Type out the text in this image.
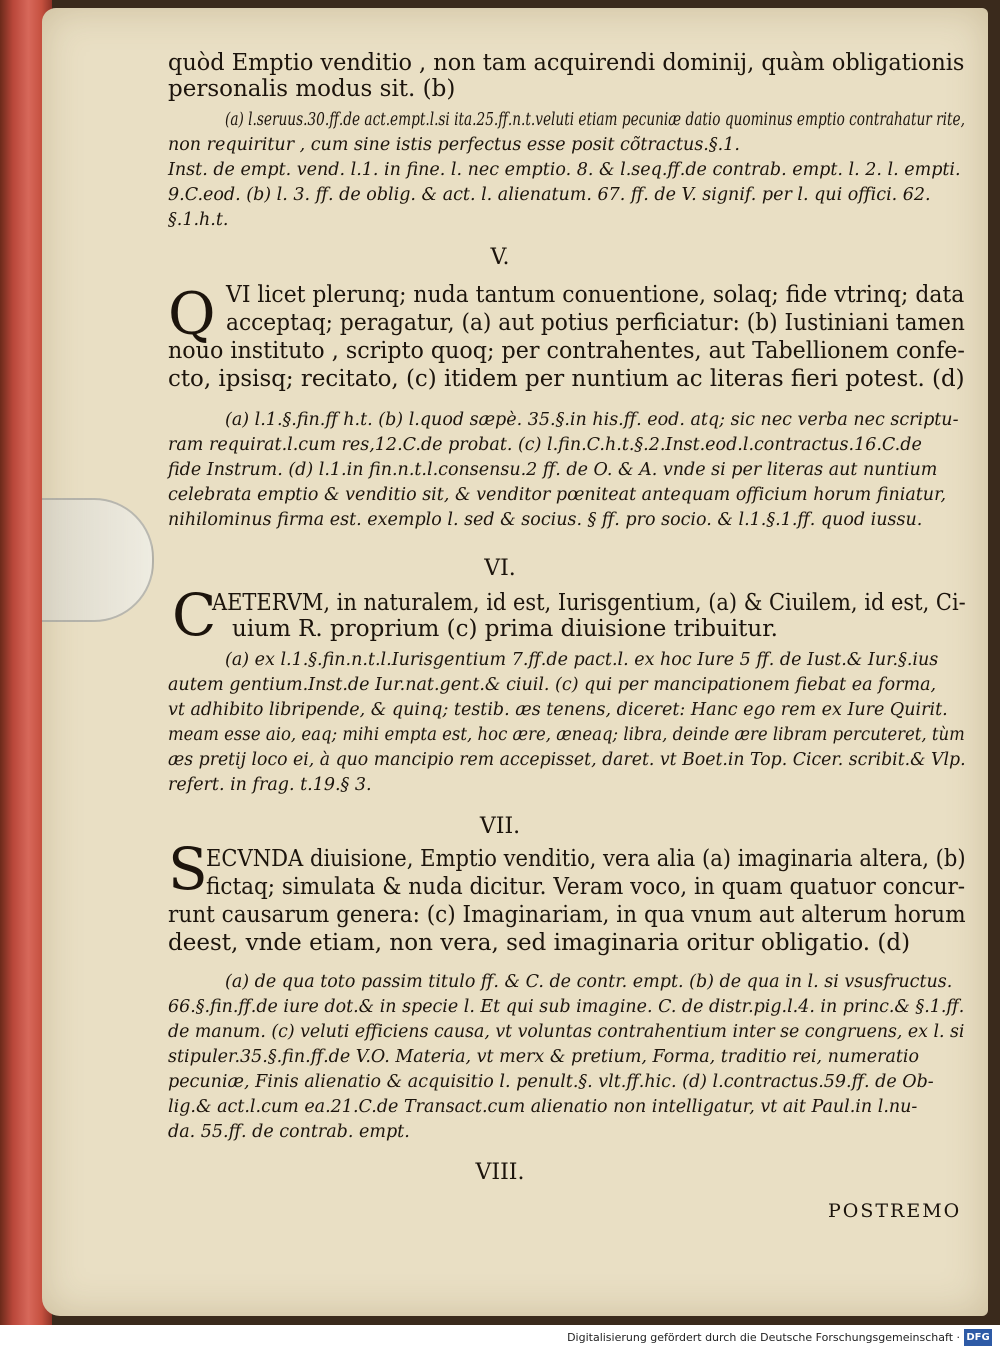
quòd Emptio venditio , non tam acquirendi dominij, quàm obligationis
personalis modus sit. (b)
(a) l.seruus.30.ff.de act.empt.l.si ita.25.ff.n.t.veluti etiam pecuniæ datio quominus emptio contrahatur rite,
non requiritur , cum sine istis perfectus esse posit cõtractus.§.1.
Inst. de empt. vend. l.1. in fine. l. nec emptio. 8. & l.seq.ff.de contrab. empt. l. 2. l. empti.
9.C.eod. (b) l. 3. ff. de oblig. & act. l. alienatum. 67. ff. de V. signif. per l. qui offici. 62.
§.1.h.t.
V.
Q VI licet plerunq; nuda tantum conuentione, solaq; fide vtrinq; data
acceptaq; peragatur, (a) aut potius perficiatur: (b) Iustiniani tamen
nouo instituto , scripto quoq; per contrahentes, aut Tabellionem confe-
cto, ipsisq; recitato, (c) itidem per nuntium ac literas fieri potest. (d)
(a) l.1.§.fin.ff h.t. (b) l.quod sæpè. 35.§.in his.ff. eod. atq; sic nec verba nec scriptu-
ram requirat.l.cum res,12.C.de probat. (c) l.fin.C.h.t.§.2.Inst.eod.l.contractus.16.C.de
fide Instrum. (d) l.1.in fin.n.t.l.consensu.2 ff. de O. & A. vnde si per literas aut nuntium
celebrata emptio & venditio sit, & venditor pœniteat antequam officium horum finiatur,
nihilominus firma est. exemplo l. sed & socius. § ff. pro socio. & l.1.§.1.ff. quod iussu.
VI.
C
AETERVM, in naturalem, id est, Iurisgentium, (a) & Ciuilem, id est, Ci-
uium R. proprium (c) prima diuisione tribuitur.
(a) ex l.1.§.fin.n.t.l.Iurisgentium 7.ff.de pact.l. ex hoc Iure 5 ff. de Iust.& Iur.§.ius
autem gentium.Inst.de Iur.nat.gent.& ciuil. (c) qui per mancipationem fiebat ea forma,
vt adhibito libripende, & quinq; testib. æs tenens, diceret: Hanc ego rem ex Iure Quirit.
meam esse aio, eaq; mihi empta est, hoc ære, æneaq; libra, deinde ære libram percuteret, tùm
æs pretij loco ei, à quo mancipio rem accepisset, daret. vt Boet.in Top. Cicer. scribit.& Vlp.
refert. in frag. t.19.§ 3.
VII.
S
ECVNDA diuisione, Emptio venditio, vera alia (a) imaginaria altera, (b)
fictaq; simulata & nuda dicitur. Veram voco, in quam quatuor concur-
runt causarum genera: (c) Imaginariam, in qua vnum aut alterum horum
deest, vnde etiam, non vera, sed imaginaria oritur obligatio. (d)
(a) de qua toto passim titulo ff. & C. de contr. empt. (b) de qua in l. si vsusfructus.
66.§.fin.ff.de iure dot.& in specie l. Et qui sub imagine. C. de distr.pig.l.4. in princ.& §.1.ff.
de manum. (c) veluti efficiens causa, vt voluntas contrahentium inter se congruens, ex l. si
stipuler.35.§.fin.ff.de V.O. Materia, vt merx & pretium, Forma, traditio rei, numeratio
pecuniæ, Finis alienatio & acquisitio l. penult.§. vlt.ff.hic. (d) l.contractus.59.ff. de Ob-
lig.& act.l.cum ea.21.C.de Transact.cum alienatio non intelligatur, vt ait Paul.in l.nu-
da. 55.ff. de contrab. empt.
VIII.
POSTREMO
Digitalisierung gefördert durch die Deutsche Forschungsgemeinschaft · DFG
